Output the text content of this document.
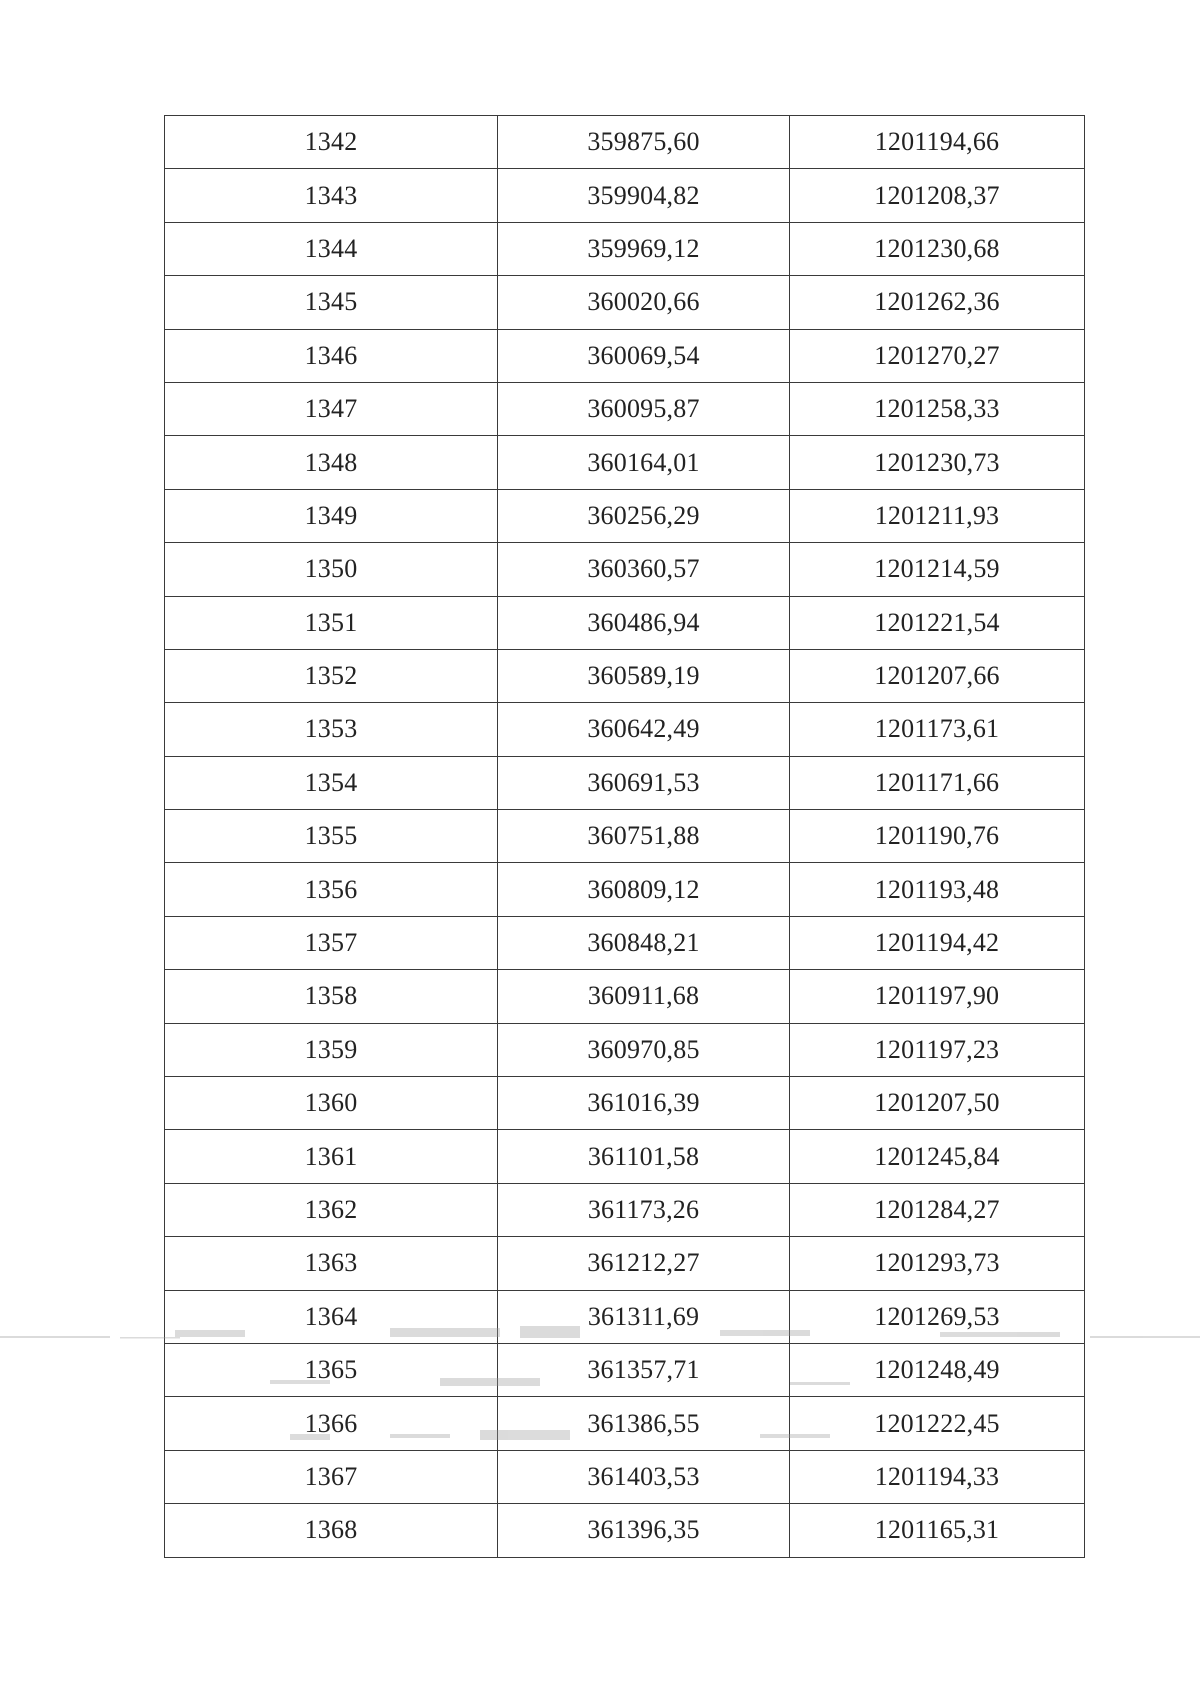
1342	359875,60	1201194,66
1343	359904,82	1201208,37
1344	359969,12	1201230,68
1345	360020,66	1201262,36
1346	360069,54	1201270,27
1347	360095,87	1201258,33
1348	360164,01	1201230,73
1349	360256,29	1201211,93
1350	360360,57	1201214,59
1351	360486,94	1201221,54
1352	360589,19	1201207,66
1353	360642,49	1201173,61
1354	360691,53	1201171,66
1355	360751,88	1201190,76
1356	360809,12	1201193,48
1357	360848,21	1201194,42
1358	360911,68	1201197,90
1359	360970,85	1201197,23
1360	361016,39	1201207,50
1361	361101,58	1201245,84
1362	361173,26	1201284,27
1363	361212,27	1201293,73
1364	361311,69	1201269,53
1365	361357,71	1201248,49
1366	361386,55	1201222,45
1367	361403,53	1201194,33
1368	361396,35	1201165,31
